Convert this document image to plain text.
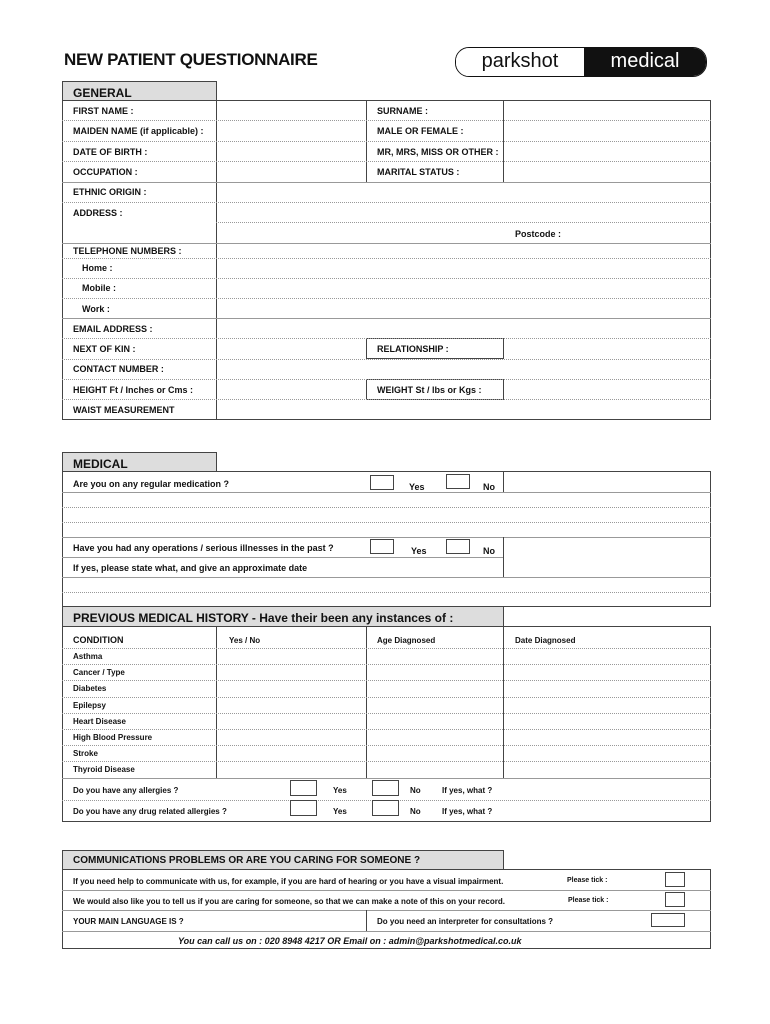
NEW PATIENT QUESTIONNAIRE	parkshot	medical
GENERAL
FIRST NAME :	SURNAME :
MAIDEN NAME (if applicable) :	MALE OR FEMALE :
DATE OF BIRTH :	MR, MRS, MISS OR OTHER :
OCCUPATION :	MARITAL STATUS :
ETHNIC ORIGIN :
ADDRESS :
Postcode :
TELEPHONE NUMBERS :
Home :
Mobile :
Work :
EMAIL ADDRESS :
NEXT OF KIN :	RELATIONSHIP :
CONTACT NUMBER :
HEIGHT Ft / Inches or Cms :	WEIGHT St / lbs or Kgs :
WAIST MEASUREMENT
MEDICAL
Are you on any regular medication ?	Yes	No
Have you had any operations / serious illnesses in the past ?	Yes	No
If yes, please state what, and give an approximate date
PREVIOUS MEDICAL HISTORY - Have their been any instances of :
CONDITION	Yes / No	Age Diagnosed	Date Diagnosed
Asthma
Cancer / Type
Diabetes
Epilepsy
Heart Disease
High Blood Pressure
Stroke
Thyroid Disease
Do you have any allergies ?	Yes	No	If yes, what ?
Do you have any drug related allergies ?	Yes	No	If yes, what ?
COMMUNICATIONS PROBLEMS OR ARE YOU CARING FOR SOMEONE ?
If you need help to communicate with us, for example, if you are hard of hearing or you have a visual impairment.	Please tick :
We would also like you to tell us if you are caring for someone, so that we can make a note of this on your record.	Please tick :
YOUR MAIN LANGUAGE IS ?	Do you need an interpreter for consultations ?
You can call us on : 020 8948 4217 OR Email on : admin@parkshotmedical.co.uk
